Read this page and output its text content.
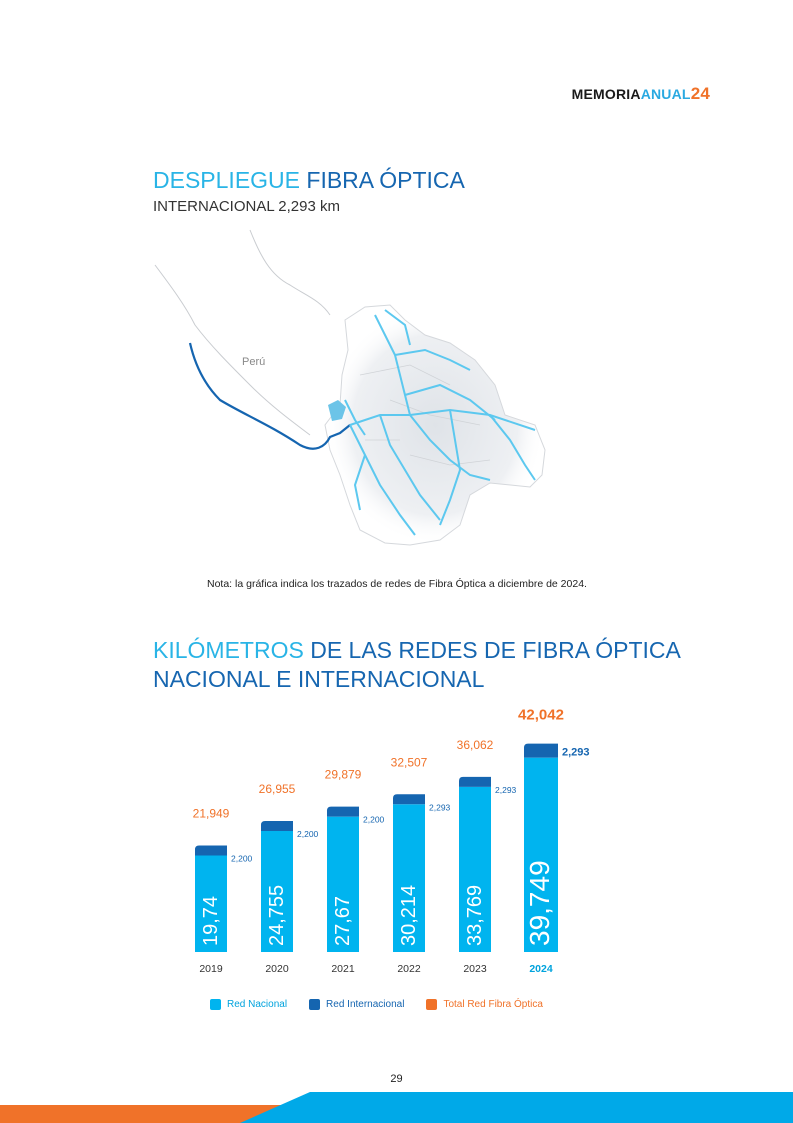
MEMORIAANUAL24
DESPLIEGUE FIBRA ÓPTICA
INTERNACIONAL 2,293 km
Perú
Nota: la gráfica indica los trazados de redes de Fibra Óptica a diciembre de 2024.
KILÓMETROS DE LAS REDES DE FIBRA ÓPTICA
NACIONAL E INTERNACIONAL
19,74
2,200
21,949
2019
24,755
2,200
26,955
2020
27,67
2,200
29,879
2021
30,214
2,293
32,507
2022
33,769
2,293
36,062
2023
39,749
2,293
42,042
2024
Red Nacional	Red Internacional	Total Red Fibra Óptica
29
